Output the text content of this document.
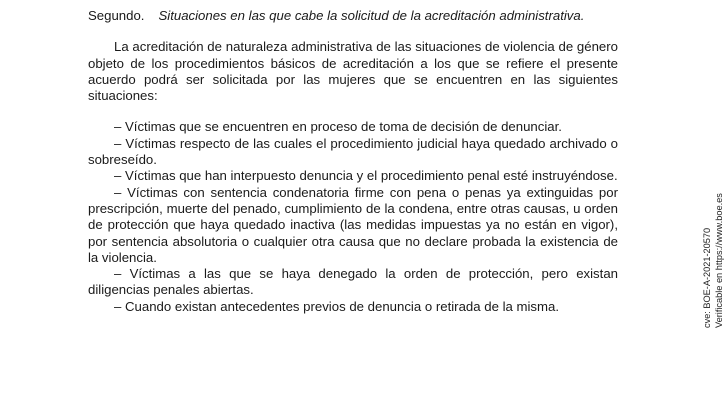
Segundo. Situaciones en las que cabe la solicitud de la acreditación administrativa.

La acreditación de naturaleza administrativa de las situaciones de violencia de género objeto de los procedimientos básicos de acreditación a los que se refiere el presente acuerdo podrá ser solicitada por las mujeres que se encuentren en las siguientes situaciones:

– Víctimas que se encuentren en proceso de toma de decisión de denunciar.

– Víctimas respecto de las cuales el procedimiento judicial haya quedado archivado o sobreseído.

– Víctimas que han interpuesto denuncia y el procedimiento penal esté instruyéndose.

– Víctimas con sentencia condenatoria firme con pena o penas ya extinguidas por prescripción, muerte del penado, cumplimiento de la condena, entre otras causas, u orden de protección que haya quedado inactiva (las medidas impuestas ya no están en vigor), por sentencia absolutoria o cualquier otra causa que no declare probada la existencia de la violencia.

– Víctimas a las que se haya denegado la orden de protección, pero existan diligencias penales abiertas.

– Cuando existan antecedentes previos de denuncia o retirada de la misma.	cve: BOE-A-2021-20570 Verificable en https://www.boe.es
